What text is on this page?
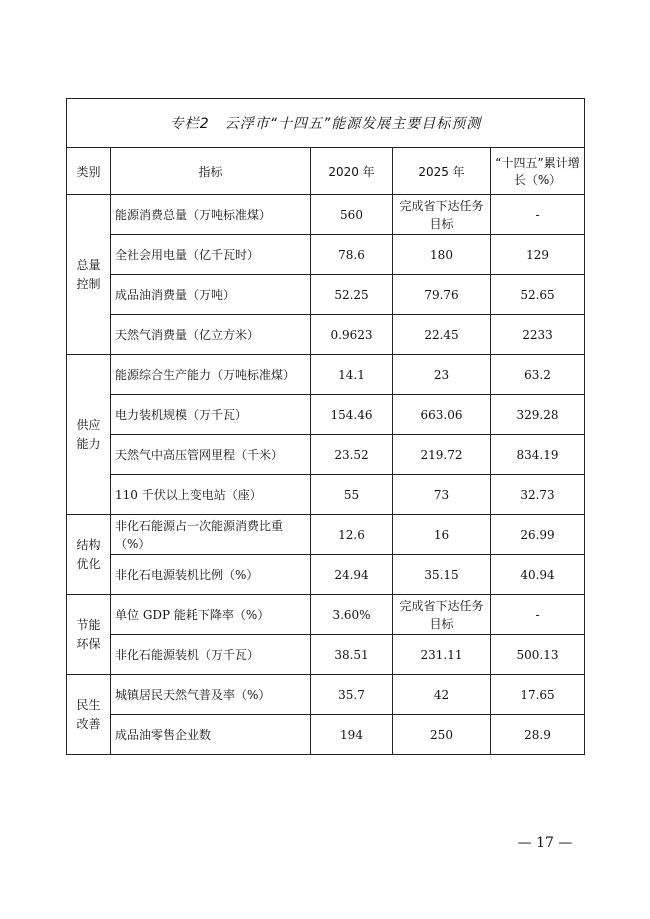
专栏2　云浮市“十四五”能源发展主要目标预测				
类别	指标	2020 年	2025 年	“十四五”累计增长（%）
总量控制	能源消费总量（万吨标准煤）	560	完成省下达任务目标	-
	全社会用电量（亿千瓦时）	78.6	180	129
	成品油消费量（万吨）	52.25	79.76	52.65
	天然气消费量（亿立方米）	0.9623	22.45	2233
供应能力	能源综合生产能力（万吨标准煤）	14.1	23	63.2
	电力装机规模（万千瓦）	154.46	663.06	329.28
	天然气中高压管网里程（千米）	23.52	219.72	834.19
	110 千伏以上变电站（座）	55	73	32.73
结构优化	非化石能源占一次能源消费比重（%）	12.6	16	26.99
	非化石电源装机比例（%）	24.94	35.15	40.94
节能环保	单位 GDP 能耗下降率（%）	3.60%	完成省下达任务目标	-
	非化石能源装机（万千瓦）	38.51	231.11	500.13
民生改善	城镇居民天然气普及率（%）	35.7	42	17.65
	成品油零售企业数	194	250	28.9
— 17 —
